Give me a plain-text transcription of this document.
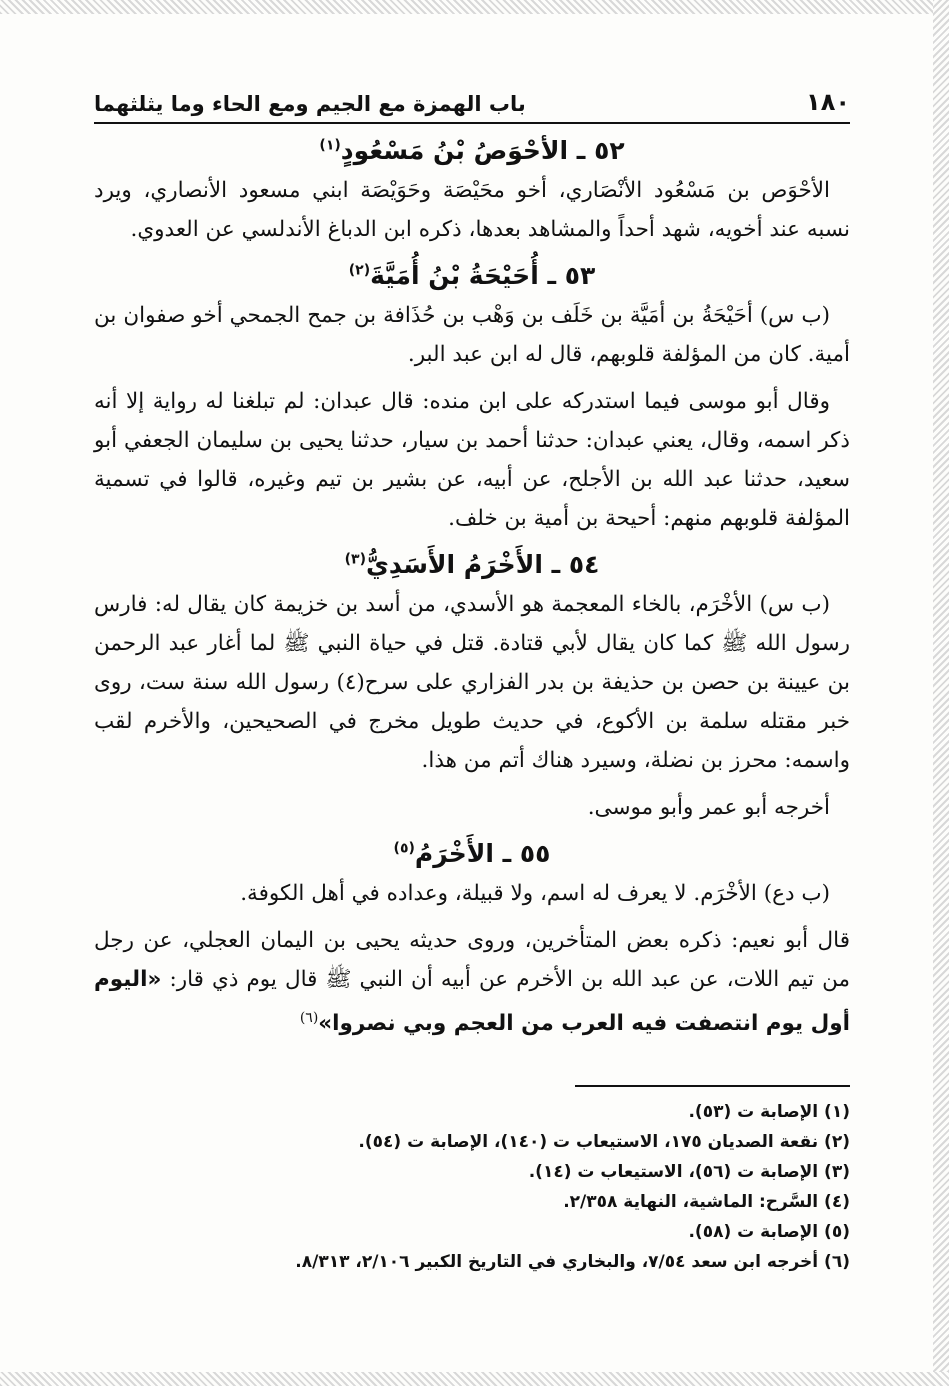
١٨٠
باب الهمزة مع الجيم ومع الحاء وما يثلثهما
٥٢ ـ الأحْوَصُ بْنُ مَسْعُودٍ$^{(١)}$

الأحْوَص بن مَسْعُود الأنْصَاري، أخو محَيْصَة وحَوَيْصَة ابني مسعود الأنصاري، ويرد نسبه عند أخويه، شهد أحداً والمشاهد بعدها، ذكره ابن الدباغ الأندلسي عن العدوي.

٥٣ ـ أُحَيْحَةُ بْنُ أُمَيَّةَ$^{(٢)}$

(ب س) أحَيْحَةُ بن أمَيَّة بن خَلَف بن وَهْب بن حُذَافة بن جمح الجمحي أخو صفوان بن أمية. كان من المؤلفة قلوبهم، قال له ابن عبد البر.

وقال أبو موسى فيما استدركه على ابن منده: قال عبدان: لم تبلغنا له رواية إلا أنه ذكر اسمه، وقال، يعني عبدان: حدثنا أحمد بن سيار، حدثنا يحيى بن سليمان الجعفي أبو سعيد، حدثنا عبد الله بن الأجلح، عن أبيه، عن بشير بن تيم وغيره، قالوا في تسمية المؤلفة قلوبهم منهم: أحيحة بن أمية بن خلف.

٥٤ ـ الأَخْرَمُ الأَسَدِيُّ$^{(٣)}$

(ب س) الأخْرَم، بالخاء المعجمة هو الأسدي، من أسد بن خزيمة كان يقال له: فارس رسول الله ﷺ كما كان يقال لأبي قتادة. قتل في حياة النبي ﷺ لما أغار عبد الرحمن بن عيينة بن حصن بن حذيفة بن بدر الفزاري على سرح(٤) رسول الله سنة ست، روى خبر مقتله سلمة بن الأكوع، في حديث طويل مخرج في الصحيحين، والأخرم لقب واسمه: محرز بن نضلة، وسيرد هناك أتم من هذا.

أخرجه أبو عمر وأبو موسى.

٥٥ ـ الأَخْرَمُ$^{(٥)}$

(ب دع) الأخْرَم. لا يعرف له اسم، ولا قبيلة، وعداده في أهل الكوفة.

قال أبو نعيم: ذكره بعض المتأخرين، وروى حديثه يحيى بن اليمان العجلي، عن رجل من تيم اللات، عن عبد الله بن الأخرم عن أبيه أن النبي ﷺ قال يوم ذي قار: «اليوم أول يوم انتصفت فيه العرب من العجم وبي نصروا»$^{(٦)}$

(١) الإصابة ت (٥٣).
(٢) نقعة الصديان ١٧٥، الاستيعاب ت (١٤٠)، الإصابة ت (٥٤).
(٣) الإصابة ت (٥٦)، الاستيعاب ت (١٤).
(٤) السَّرح: الماشية، النهاية ٢/٣٥٨.
(٥) الإصابة ت (٥٨).
(٦) أخرجه ابن سعد ٧/٥٤، والبخاري في التاريخ الكبير ٢/١٠٦، ٨/٣١٣.
